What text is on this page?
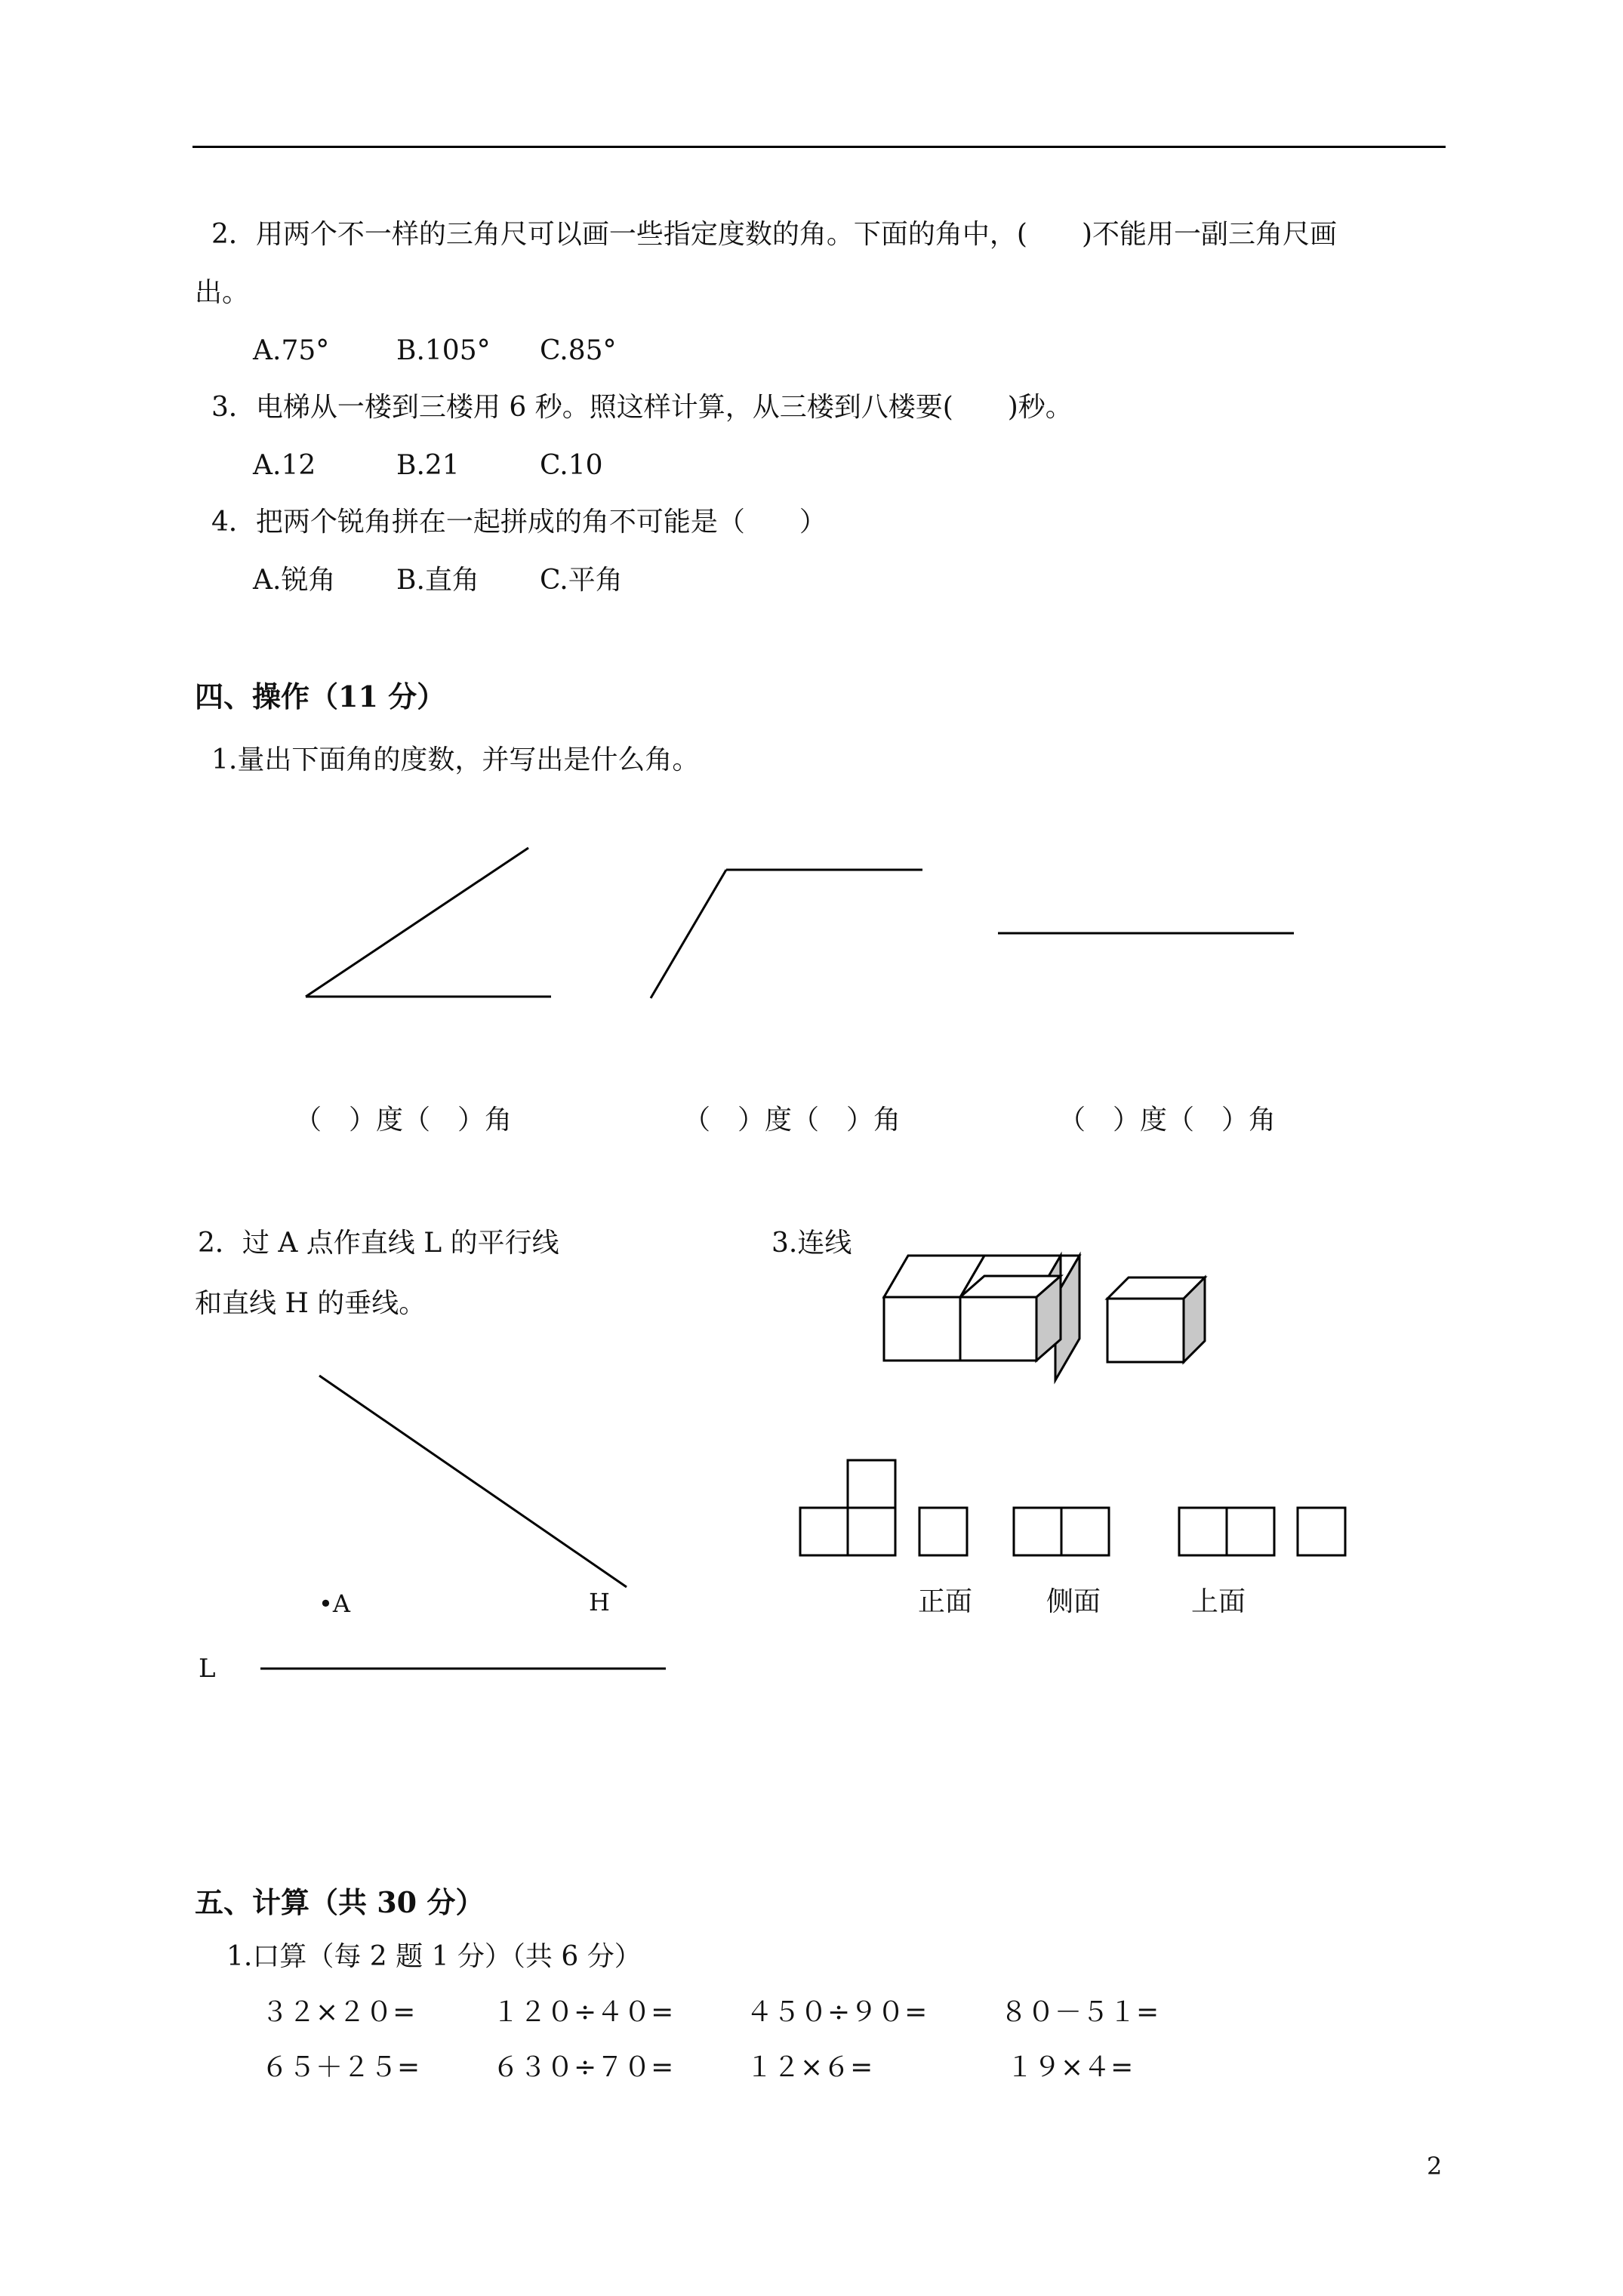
2．用两个不一样的三角尺可以画一些指定度数的角。下面的角中，(　　)不能用一副三角尺画
出。
A.75° B.105° C.85°
3．电梯从一楼到三楼用 6 秒。照这样计算，从三楼到八楼要(　　)秒。
A.12	B.21	C.10
4．把两个锐角拼在一起拼成的角不可能是（　　）
A.锐角 B.直角 C.平角
四、操作（11 分）
1.量出下面角的度数，并写出是什么角。
（　）度（　）角	（　）度（　）角	（　）度（　）角
2．过 A 点作直线 L 的平行线
和直线 H 的垂线。
•A	H
L
3.连线
正面	侧面	上面
五、计算（共 30 分）
1.口算（每 2 题 1 分）（共 6 分）
３２×２０=	１２０÷４０=	４５０÷９０=	８０－５１=
６５＋２５=	６３０÷７０=	１２×６=	１９×４=
2
